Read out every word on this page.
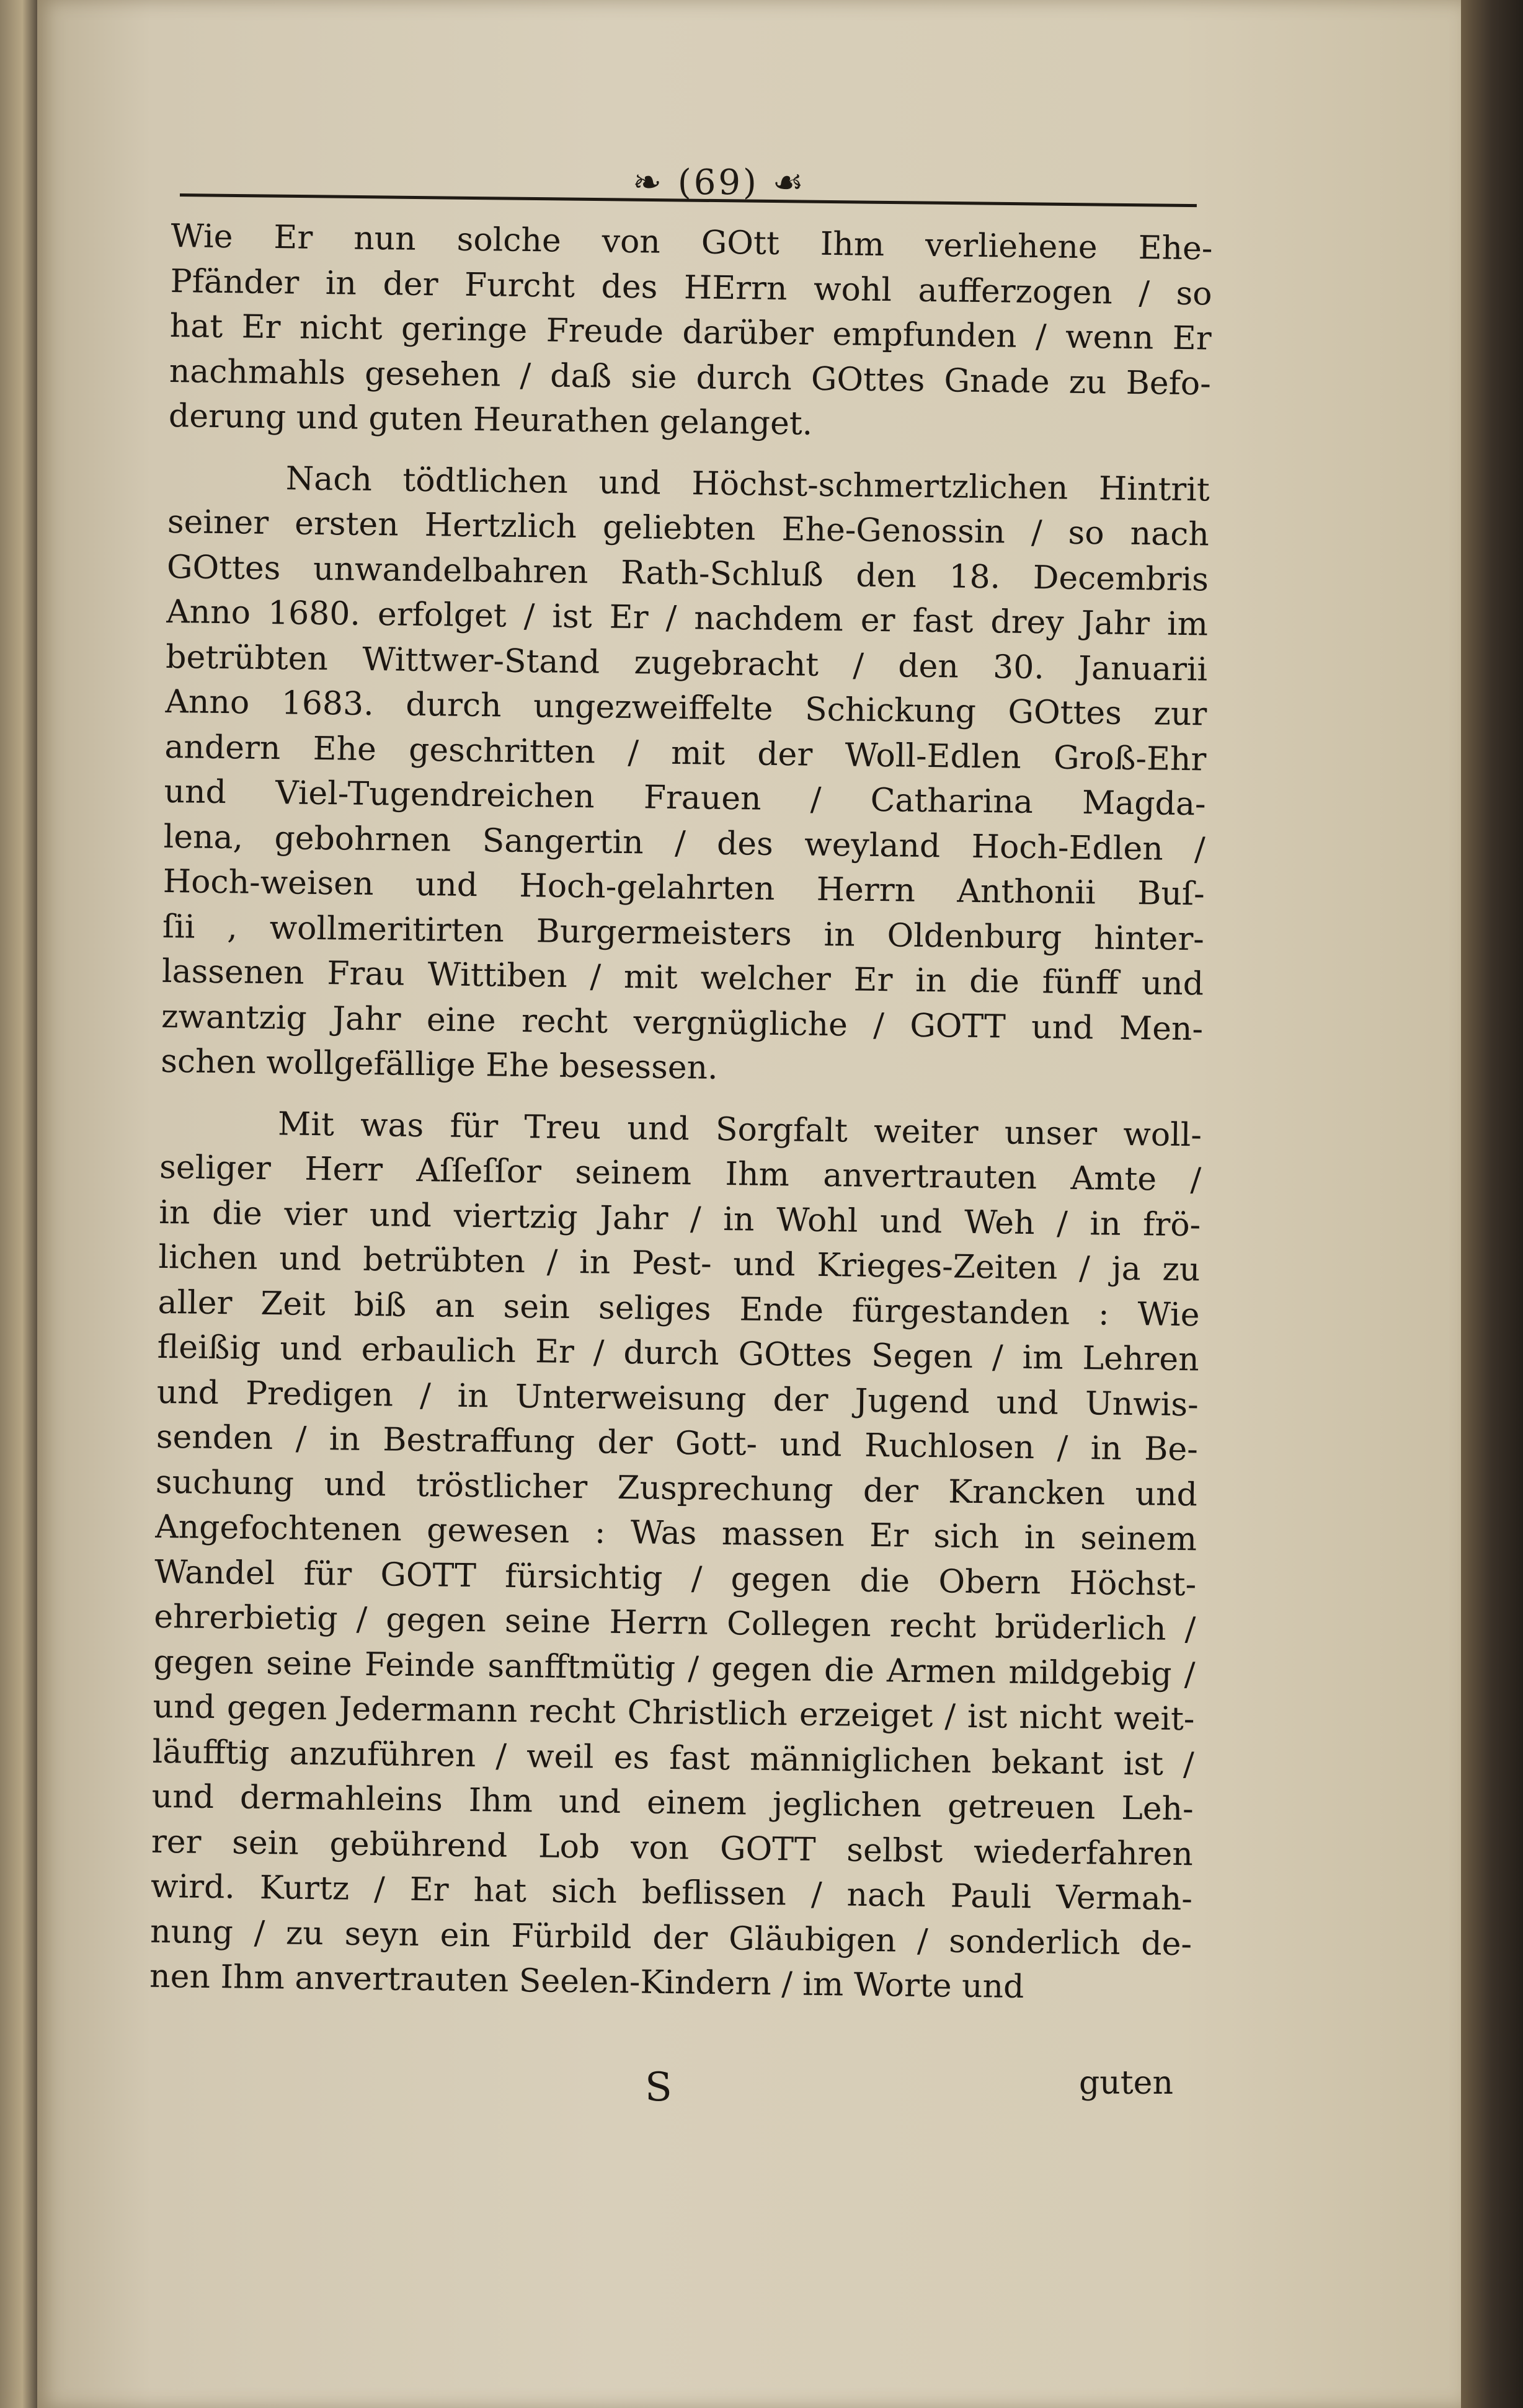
❧ (69) ☙
Wie Er nun solche von GOtt Ihm verliehene Ehe-
Pfänder in der Furcht des HErrn wohl aufferzogen / so
hat Er nicht geringe Freude darüber empfunden / wenn Er
nachmahls gesehen / daß sie durch GOttes Gnade zu Befo-
derung und guten Heurathen gelanget.
Nach tödtlichen und Höchst-schmertzlichen Hintrit
seiner ersten Hertzlich geliebten Ehe-Genossin / so nach
GOttes unwandelbahren Rath-Schluß den 18. Decembris
Anno 1680. erfolget / ist Er / nachdem er fast drey Jahr im
betrübten Wittwer-Stand zugebracht / den 30. Januarii
Anno 1683. durch ungezweiffelte Schickung GOttes zur
andern Ehe geschritten / mit der Woll-Edlen Groß-Ehr
und Viel-Tugendreichen Frauen / Catharina Magda-
lena, gebohrnen Sangertin / des weyland Hoch-Edlen /
Hoch-weisen und Hoch-gelahrten Herrn Anthonii Buſ-
ſii , wollmeritirten Burgermeisters in Oldenburg hinter-
lassenen Frau Wittiben / mit welcher Er in die fünff und
zwantzig Jahr eine recht vergnügliche / GOTT und Men-
schen wollgefällige Ehe besessen.
Mit was für Treu und Sorgfalt weiter unser woll-
seliger Herr Aſſeſſor seinem Ihm anvertrauten Amte /
in die vier und viertzig Jahr / in Wohl und Weh / in frö-
lichen und betrübten / in Pest- und Krieges-Zeiten / ja zu
aller Zeit biß an sein seliges Ende fürgestanden : Wie
fleißig und erbaulich Er / durch GOttes Segen / im Lehren
und Predigen / in Unterweisung der Jugend und Unwis-
senden / in Bestraffung der Gott- und Ruchlosen / in Be-
suchung und tröstlicher Zusprechung der Krancken und
Angefochtenen gewesen : Was massen Er sich in seinem
Wandel für GOTT fürsichtig / gegen die Obern Höchst-
ehrerbietig / gegen seine Herrn Collegen recht brüderlich /
gegen seine Feinde sanfftmütig / gegen die Armen mildgebig /
und gegen Jedermann recht Christlich erzeiget / ist nicht weit-
läufftig anzuführen / weil es fast männiglichen bekant ist /
und dermahleins Ihm und einem jeglichen getreuen Leh-
rer sein gebührend Lob von GOTT selbst wiederfahren
wird. Kurtz / Er hat sich beflissen / nach Pauli Vermah-
nung / zu seyn ein Fürbild der Gläubigen / sonderlich de-
nen Ihm anvertrauten Seelen-Kindern / im Worte und
S	guten
